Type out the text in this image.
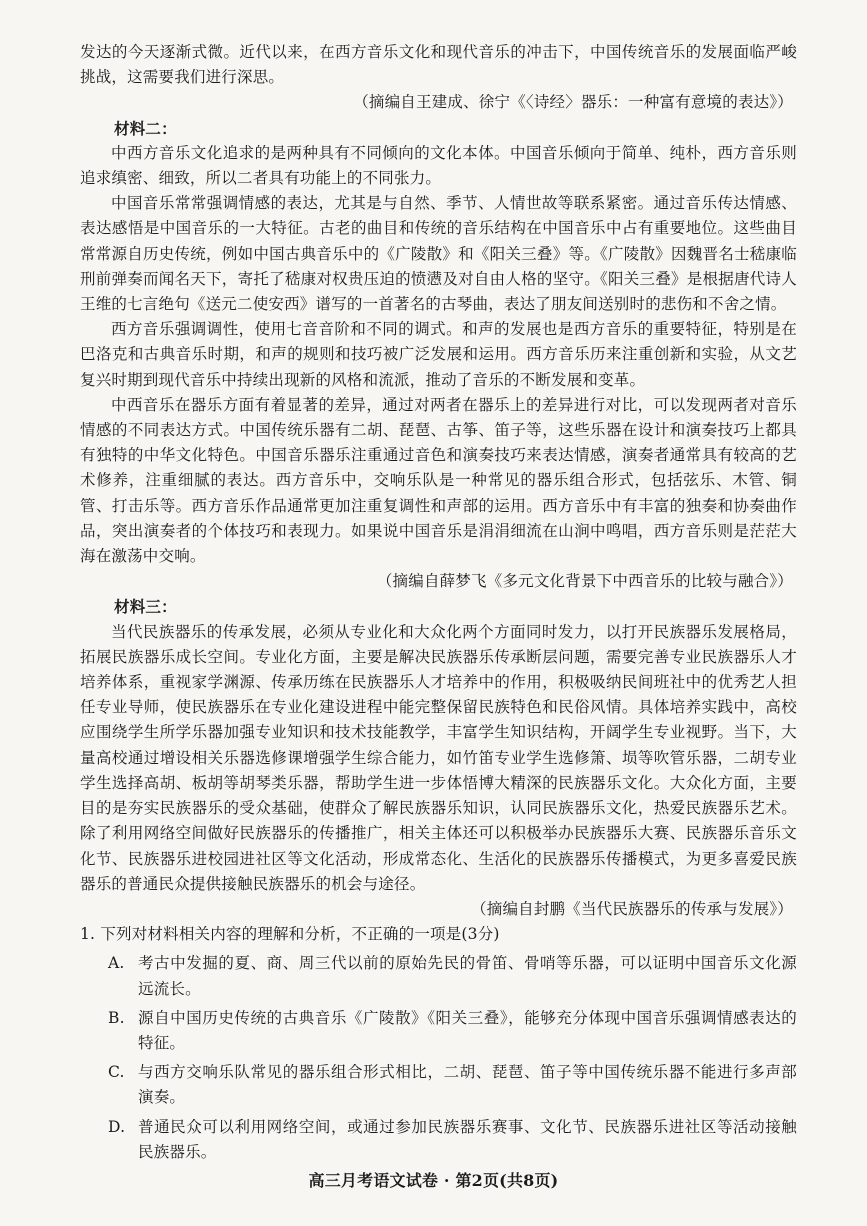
发达的今天逐渐式微。近代以来，在西方音乐文化和现代音乐的冲击下，中国传统音乐的发展面临严峻挑战，这需要我们进行深思。

（摘编自王建成、徐宁《〈诗经〉器乐：一种富有意境的表达》）

材料二：

中西方音乐文化追求的是两种具有不同倾向的文化本体。中国音乐倾向于简单、纯朴，西方音乐则追求缜密、细致，所以二者具有功能上的不同张力。

中国音乐常常强调情感的表达，尤其是与自然、季节、人情世故等联系紧密。通过音乐传达情感、表达感悟是中国音乐的一大特征。古老的曲目和传统的音乐结构在中国音乐中占有重要地位。这些曲目常常源自历史传统，例如中国古典音乐中的《广陵散》和《阳关三叠》等。《广陵散》因魏晋名士嵇康临刑前弹奏而闻名天下，寄托了嵇康对权贵压迫的愤懑及对自由人格的坚守。《阳关三叠》是根据唐代诗人王维的七言绝句《送元二使安西》谱写的一首著名的古琴曲，表达了朋友间送别时的悲伤和不舍之情。

西方音乐强调调性，使用七音音阶和不同的调式。和声的发展也是西方音乐的重要特征，特别是在巴洛克和古典音乐时期，和声的规则和技巧被广泛发展和运用。西方音乐历来注重创新和实验，从文艺复兴时期到现代音乐中持续出现新的风格和流派，推动了音乐的不断发展和变革。

中西音乐在器乐方面有着显著的差异，通过对两者在器乐上的差异进行对比，可以发现两者对音乐情感的不同表达方式。中国传统乐器有二胡、琵琶、古筝、笛子等，这些乐器在设计和演奏技巧上都具有独特的中华文化特色。中国音乐器乐注重通过音色和演奏技巧来表达情感，演奏者通常具有较高的艺术修养，注重细腻的表达。西方音乐中，交响乐队是一种常见的器乐组合形式，包括弦乐、木管、铜管、打击乐等。西方音乐作品通常更加注重复调性和声部的运用。西方音乐中有丰富的独奏和协奏曲作品，突出演奏者的个体技巧和表现力。如果说中国音乐是涓涓细流在山涧中鸣唱，西方音乐则是茫茫大海在激荡中交响。

（摘编自薛梦飞《多元文化背景下中西音乐的比较与融合》）

材料三：

当代民族器乐的传承发展，必须从专业化和大众化两个方面同时发力，以打开民族器乐发展格局，拓展民族器乐成长空间。专业化方面，主要是解决民族器乐传承断层问题，需要完善专业民族器乐人才培养体系，重视家学渊源、传承历练在民族器乐人才培养中的作用，积极吸纳民间班社中的优秀艺人担任专业导师，使民族器乐在专业化建设进程中能完整保留民族特色和民俗风情。具体培养实践中，高校应围绕学生所学乐器加强专业知识和技术技能教学，丰富学生知识结构，开阔学生专业视野。当下，大量高校通过增设相关乐器选修课增强学生综合能力，如竹笛专业学生选修箫、埙等吹管乐器，二胡专业学生选择高胡、板胡等胡琴类乐器，帮助学生进一步体悟博大精深的民族器乐文化。大众化方面，主要目的是夯实民族器乐的受众基础，使群众了解民族器乐知识，认同民族器乐文化，热爱民族器乐艺术。除了利用网络空间做好民族器乐的传播推广，相关主体还可以积极举办民族器乐大赛、民族器乐音乐文化节、民族器乐进校园进社区等文化活动，形成常态化、生活化的民族器乐传播模式，为更多喜爱民族器乐的普通民众提供接触民族器乐的机会与途径。

（摘编自封鹏《当代民族器乐的传承与发展》）

1. 下列对材料相关内容的理解和分析，不正确的一项是(3分)

A. 考古中发掘的夏、商、周三代以前的原始先民的骨笛、骨哨等乐器，可以证明中国音乐文化源远流长。
B. 源自中国历史传统的古典音乐《广陵散》《阳关三叠》，能够充分体现中国音乐强调情感表达的特征。
C. 与西方交响乐队常见的器乐组合形式相比，二胡、琵琶、笛子等中国传统乐器不能进行多声部演奏。
D. 普通民众可以利用网络空间，或通过参加民族器乐赛事、文化节、民族器乐进社区等活动接触民族器乐。
高三月考语文试卷 · 第2页(共8页)
